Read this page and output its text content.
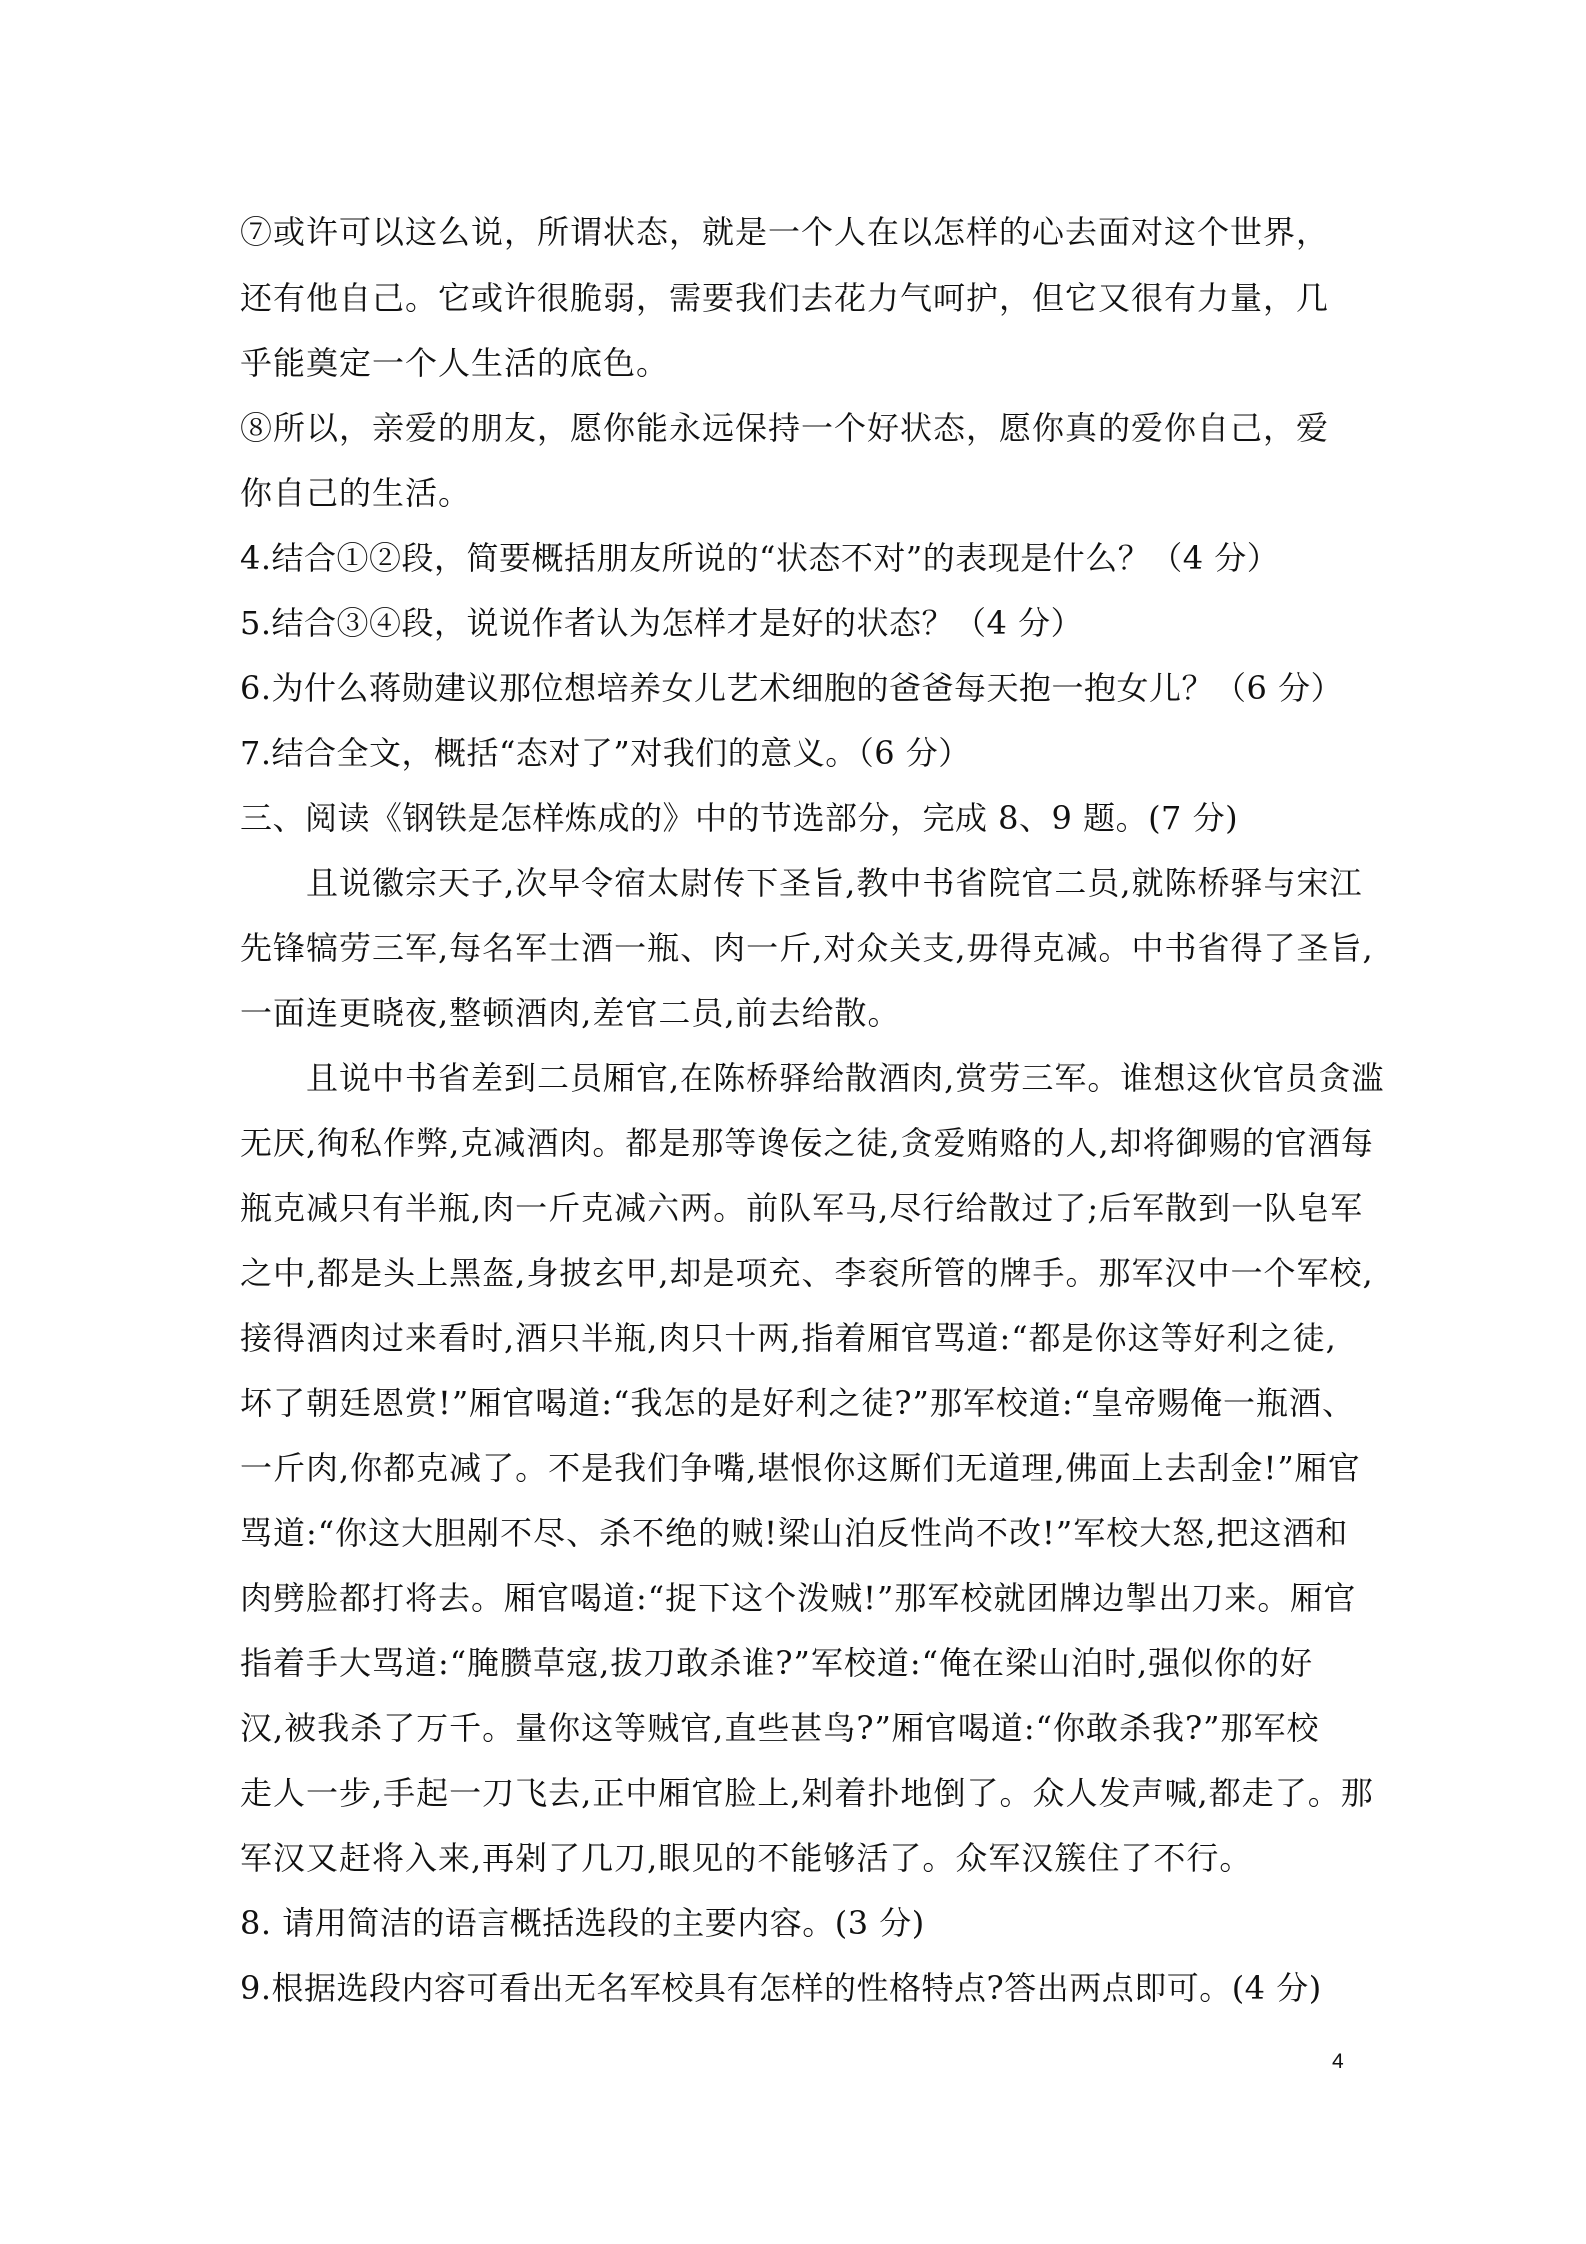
⑦或许可以这么说，所谓状态，就是一个人在以怎样的心去面对这个世界，
还有他自己。它或许很脆弱，需要我们去花力气呵护，但它又很有力量，几
乎能奠定一个人生活的底色。
⑧所以，亲爱的朋友，愿你能永远保持一个好状态，愿你真的爱你自己，爱
你自己的生活。
4.结合①②段，简要概括朋友所说的“状态不对”的表现是什么？（4 分）
5.结合③④段，说说作者认为怎样才是好的状态？（4 分）
6.为什么蒋勋建议那位想培养女儿艺术细胞的爸爸每天抱一抱女儿？（6 分）
7.结合全文，概括“态对了”对我们的意义。（6 分）
三、阅读《钢铁是怎样炼成的》中的节选部分，完成 8、9 题。(7 分)
且说徽宗天子,次早令宿太尉传下圣旨,教中书省院官二员,就陈桥驿与宋江
先锋犒劳三军,每名军士酒一瓶、肉一斤,对众关支,毋得克减。中书省得了圣旨,
一面连更晓夜,整顿酒肉,差官二员,前去给散。
且说中书省差到二员厢官,在陈桥驿给散酒肉,赏劳三军。谁想这伙官员贪滥
无厌,徇私作弊,克减酒肉。都是那等谗佞之徒,贪爱贿赂的人,却将御赐的官酒每
瓶克减只有半瓶,肉一斤克减六两。前队军马,尽行给散过了;后军散到一队皂军
之中,都是头上黑盔,身披玄甲,却是项充、李衮所管的牌手。那军汉中一个军校,
接得酒肉过来看时,酒只半瓶,肉只十两,指着厢官骂道:“都是你这等好利之徒,
坏了朝廷恩赏!”厢官喝道:“我怎的是好利之徒?”那军校道:“皇帝赐俺一瓶酒、
一斤肉,你都克减了。不是我们争嘴,堪恨你这厮们无道理,佛面上去刮金!”厢官
骂道:“你这大胆剐不尽、杀不绝的贼!梁山泊反性尚不改!”军校大怒,把这酒和
肉劈脸都打将去。厢官喝道:“捉下这个泼贼!”那军校就团牌边掣出刀来。厢官
指着手大骂道:“腌臜草寇,拔刀敢杀谁?”军校道:“俺在梁山泊时,强似你的好
汉,被我杀了万千。量你这等贼官,直些甚鸟?”厢官喝道:“你敢杀我?”那军校
走人一步,手起一刀飞去,正中厢官脸上,剁着扑地倒了。众人发声喊,都走了。那
军汉又赶将入来,再剁了几刀,眼见的不能够活了。众军汉簇住了不行。
8. 请用简洁的语言概括选段的主要内容。(3 分)
9.根据选段内容可看出无名军校具有怎样的性格特点?答出两点即可。(4 分)
4
